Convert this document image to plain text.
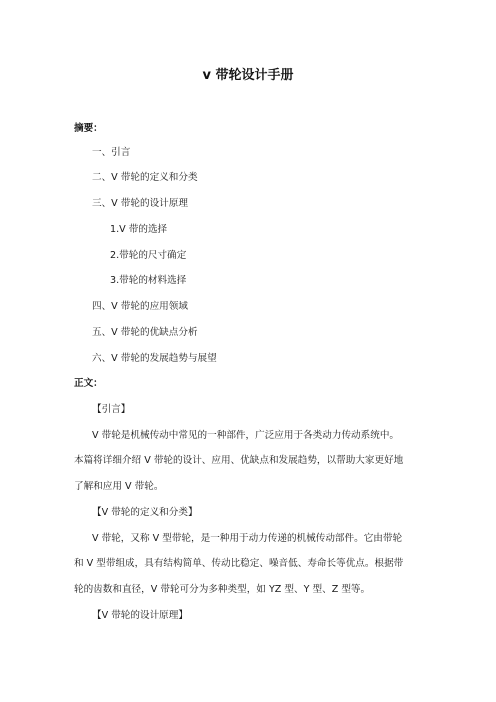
v 带轮设计手册
摘要：
一、引言
二、V 带轮的定义和分类
三、V 带轮的设计原理
1.V 带的选择
2.带轮的尺寸确定
3.带轮的材料选择
四、V 带轮的应用领域
五、V 带轮的优缺点分析
六、V 带轮的发展趋势与展望
正文：
【引言】
V 带轮是机械传动中常见的一种部件，广泛应用于各类动力传动系统中。
本篇将详细介绍 V 带轮的设计、应用、优缺点和发展趋势，以帮助大家更好地
了解和应用 V 带轮。
【V 带轮的定义和分类】
V 带轮，又称 V 型带轮，是一种用于动力传递的机械传动部件。它由带轮
和 V 型带组成，具有结构简单、传动比稳定、噪音低、寿命长等优点。根据带
轮的齿数和直径，V 带轮可分为多种类型，如 YZ 型、Y 型、Z 型等。
【V 带轮的设计原理】
